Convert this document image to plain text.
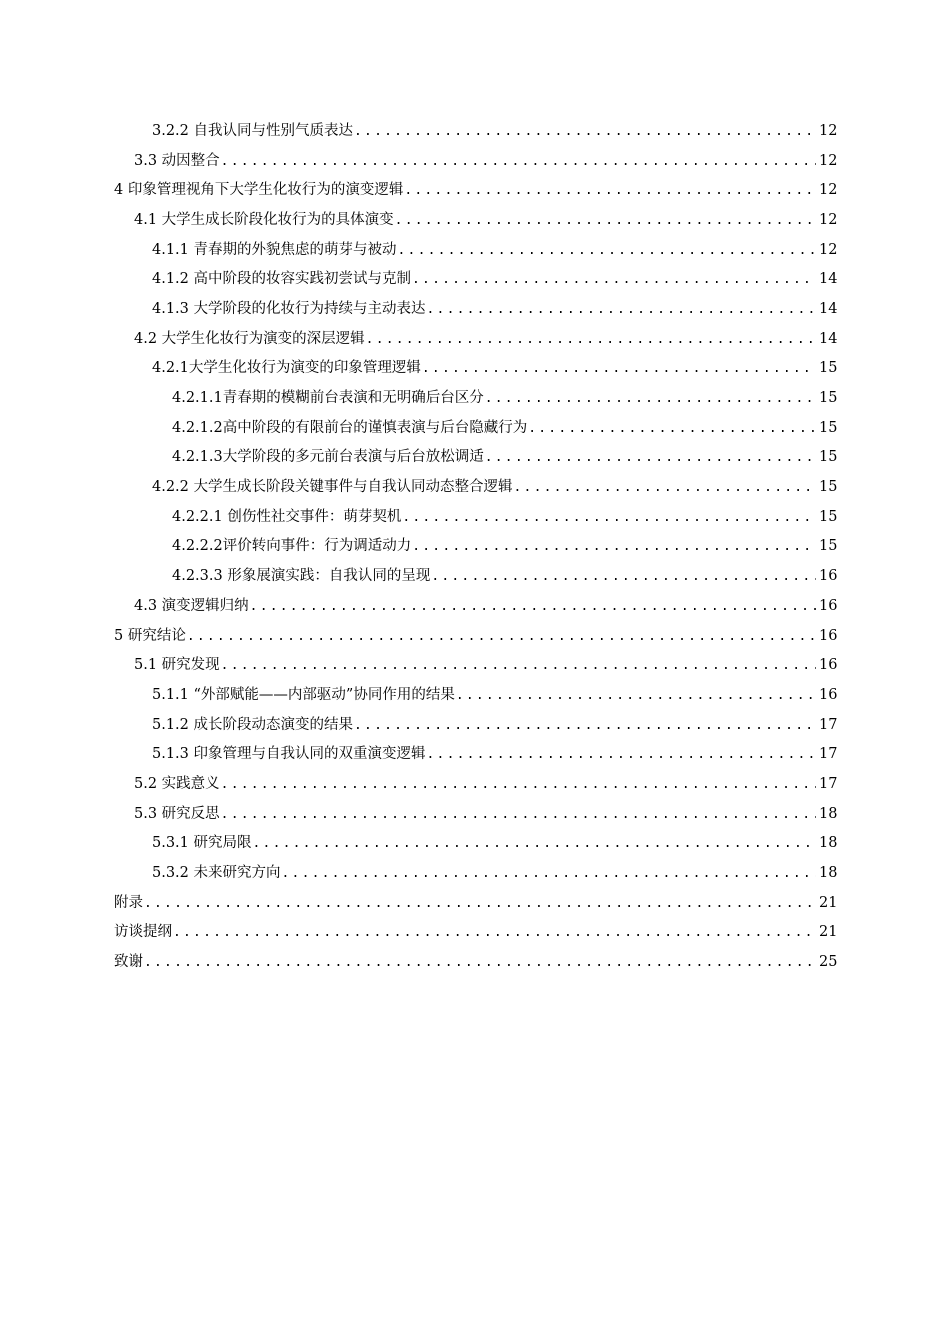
3.2.2 自我认同与性别气质表达 .....	12
3.3 动因整合 .....	12
4 印象管理视角下大学生化妆行为的演变逻辑 .....	12
4.1 大学生成长阶段化妆行为的具体演变 .....	12
4.1.1 青春期的外貌焦虑的萌芽与被动 .....	12
4.1.2 高中阶段的妆容实践初尝试与克制 .....	14
4.1.3 大学阶段的化妆行为持续与主动表达 .....	14
4.2 大学生化妆行为演变的深层逻辑 .....	14
4.2.1 大学生化妆行为演变的印象管理逻辑 .....	15
4.2.1.1 青春期的模糊前台表演和无明确后台区分 .....	15
4.2.1.2 高中阶段的有限前台的谨慎表演与后台隐藏行为 .....	15
4.2.1.3 大学阶段的多元前台表演与后台放松调适 .....	15
4.2.2 大学生成长阶段关键事件与自我认同动态整合逻辑 .....	15
4.2.2.1 创伤性社交事件：萌芽契机 .....	15
4.2.2.2 评价转向事件：行为调适动力 .....	15
4.2.3.3 形象展演实践：自我认同的呈现 .....	16
4.3 演变逻辑归纳 .....	16
5 研究结论 .....	16
5.1 研究发现 .....	16
5.1.1 “外部赋能——内部驱动”协同作用的结果 .....	16
5.1.2 成长阶段动态演变的结果 .....	17
5.1.3 印象管理与自我认同的双重演变逻辑 .....	17
5.2 实践意义 .....	17
5.3 研究反思 .....	18
5.3.1 研究局限 .....	18
5.3.2 未来研究方向 .....	18
附录 .....	21
访谈提纲 .....	21
致谢 .....	25
